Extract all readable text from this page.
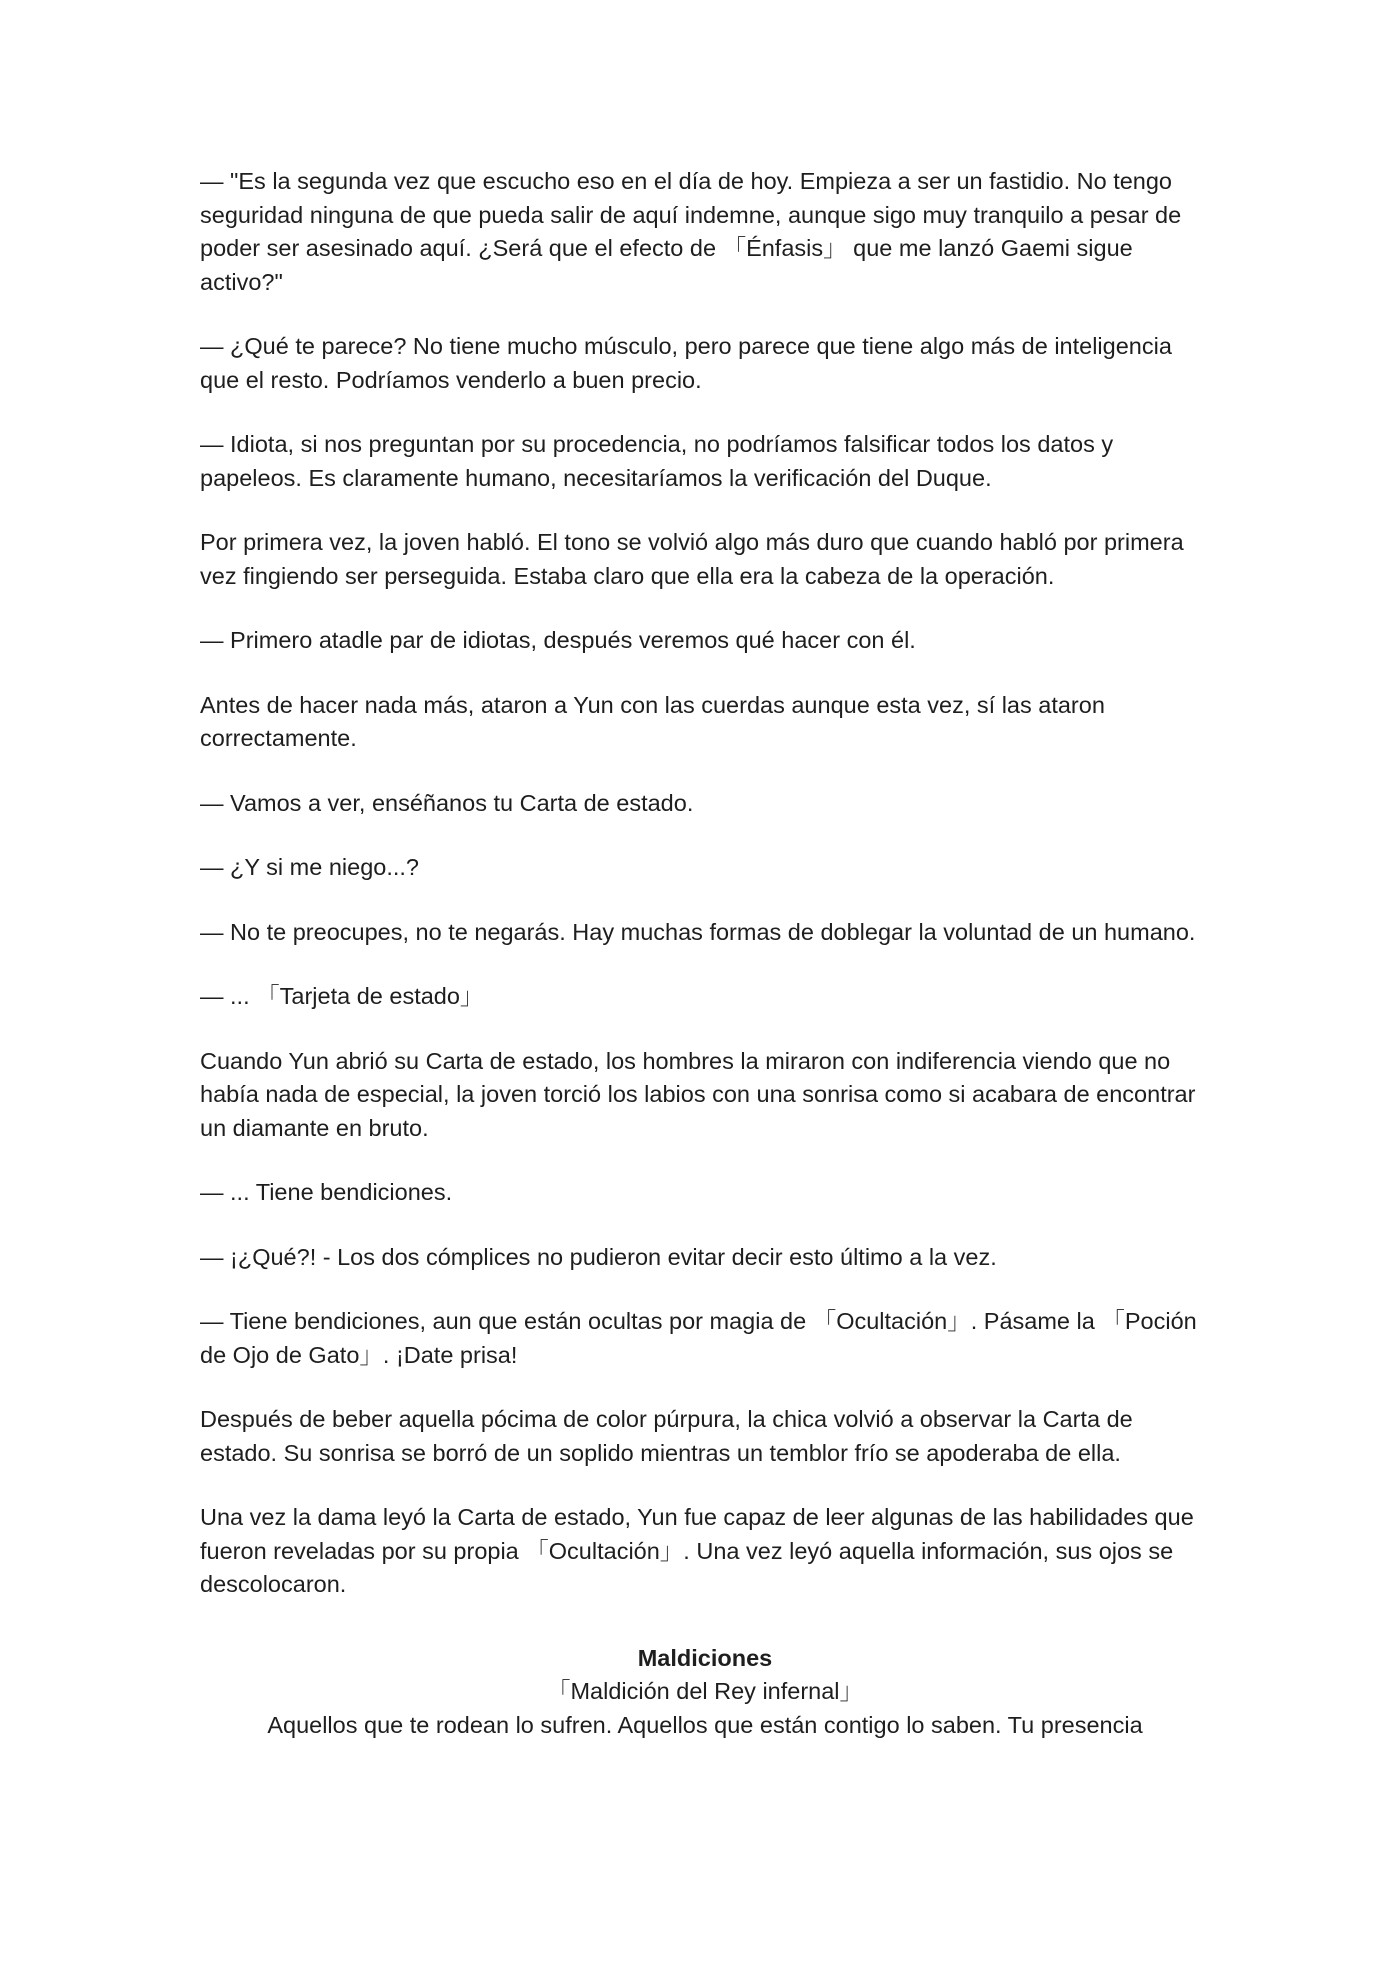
— "Es la segunda vez que escucho eso en el día de hoy. Empieza a ser un fastidio. No tengo seguridad ninguna de que pueda salir de aquí indemne, aunque sigo muy tranquilo a pesar de poder ser asesinado aquí. ¿Será que el efecto de 「Énfasis」 que me lanzó Gaemi sigue activo?"

— ¿Qué te parece? No tiene mucho músculo, pero parece que tiene algo más de inteligencia que el resto. Podríamos venderlo a buen precio.

— Idiota, si nos preguntan por su procedencia, no podríamos falsificar todos los datos y papeleos. Es claramente humano, necesitaríamos la verificación del Duque.

Por primera vez, la joven habló. El tono se volvió algo más duro que cuando habló por primera vez fingiendo ser perseguida. Estaba claro que ella era la cabeza de la operación.

— Primero atadle par de idiotas, después veremos qué hacer con él.

Antes de hacer nada más, ataron a Yun con las cuerdas aunque esta vez, sí las ataron correctamente.

— Vamos a ver, enséñanos tu Carta de estado.

— ¿Y si me niego...?

— No te preocupes, no te negarás. Hay muchas formas de doblegar la voluntad de un humano.

— ... 「Tarjeta de estado」

Cuando Yun abrió su Carta de estado, los hombres la miraron con indiferencia viendo que no había nada de especial, la joven torció los labios con una sonrisa como si acabara de encontrar un diamante en bruto.

— ... Tiene bendiciones.

— ¡¿Qué?! - Los dos cómplices no pudieron evitar decir esto último a la vez.

— Tiene bendiciones, aun que están ocultas por magia de 「Ocultación」. Pásame la 「Poción de Ojo de Gato」. ¡Date prisa!

Después de beber aquella pócima de color púrpura, la chica volvió a observar la Carta de estado. Su sonrisa se borró de un soplido mientras un temblor frío se apoderaba de ella.

Una vez la dama leyó la Carta de estado, Yun fue capaz de leer algunas de las habilidades que fueron reveladas por su propia 「Ocultación」. Una vez leyó aquella información, sus ojos se descolocaron.

Maldiciones

「Maldición del Rey infernal」

Aquellos que te rodean lo sufren. Aquellos que están contigo lo saben. Tu presencia
